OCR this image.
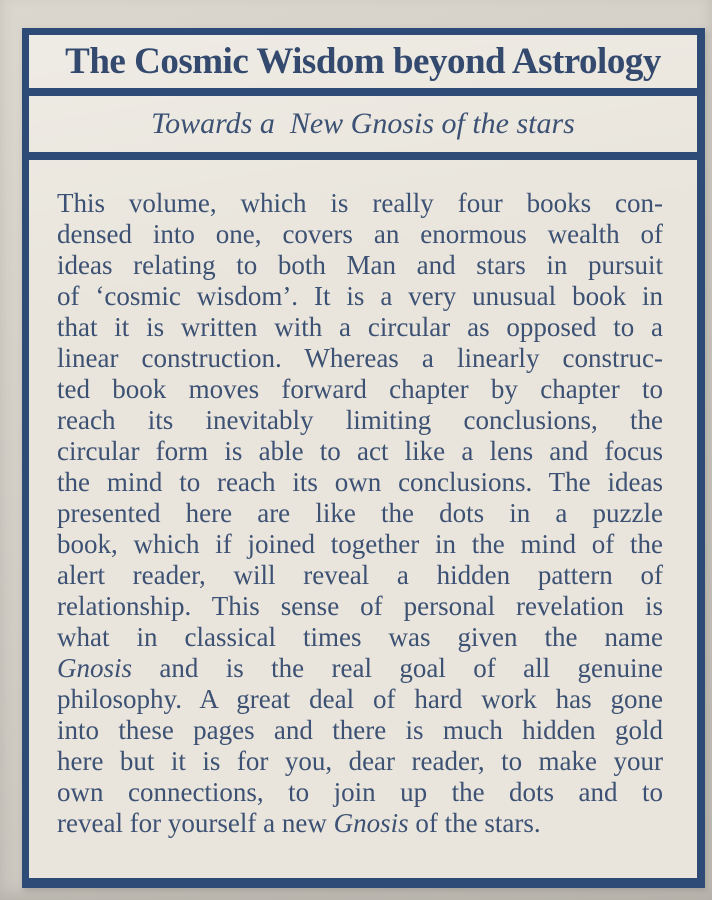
The Cosmic Wisdom beyond Astrology
Towards a  New Gnosis of the stars
This volume, which is really four books con-
densed into one, covers an enormous wealth of
ideas relating to both Man and stars in pursuit
of ‘cosmic wisdom’. It is a very unusual book in
that it is written with a circular as opposed to a
linear construction. Whereas a linearly construc-
ted book moves forward chapter by chapter to
reach its inevitably limiting conclusions, the
circular form is able to act like a lens and focus
the mind to reach its own conclusions. The ideas
presented here are like the dots in a puzzle
book, which if joined together in the mind of the
alert reader, will reveal a hidden pattern of
relationship. This sense of personal revelation is
what in classical times was given the name
Gnosis and is the real goal of all genuine
philosophy. A great deal of hard work has gone
into these pages and there is much hidden gold
here but it is for you, dear reader, to make your
own connections, to join up the dots and to
reveal for yourself a new Gnosis of the stars.
